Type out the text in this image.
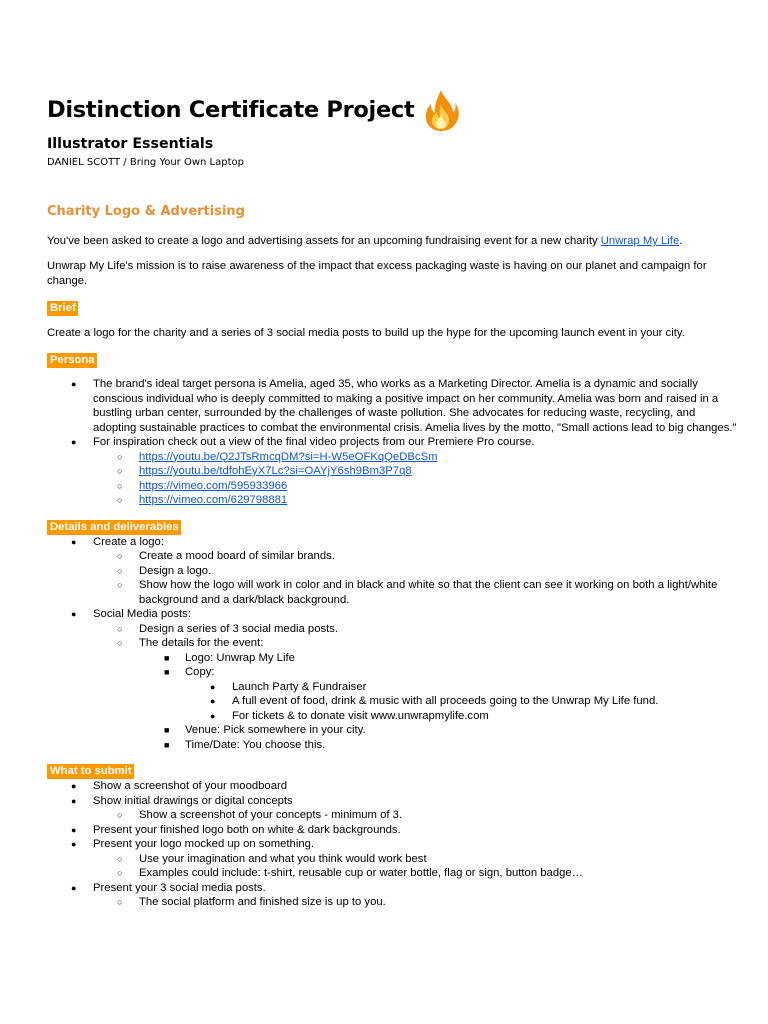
Distinction Certificate Project
Illustrator Essentials
DANIEL SCOTT / Bring Your Own Laptop
Charity Logo & Advertising

You've been asked to create a logo and advertising assets for an upcoming fundraising event for a new charity Unwrap My Life.

Unwrap My Life's mission is to raise awareness of the impact that excess packaging waste is having on our planet and campaign for change.

Brief

Create a logo for the charity and a series of 3 social media posts to build up the hype for the upcoming launch event in your city.

Persona
● The brand's ideal target persona is Amelia, aged 35, who works as a Marketing Director. Amelia is a dynamic and socially conscious individual who is deeply committed to making a positive impact on her community. Amelia was born and raised in a bustling urban center, surrounded by the challenges of waste pollution. She advocates for reducing waste, recycling, and adopting sustainable practices to combat the environmental crisis. Amelia lives by the motto, "Small actions lead to big changes."
● For inspiration check out a view of the final video projects from our Premiere Pro course.
○ https://youtu.be/Q2JTsRmcqDM?si=H-W5eOFKqQeDBcSm
○ https://youtu.be/tdfohEyX7Lc?si=OAYjY6sh9Bm3P7q8
○ https://vimeo.com/595933966
○ https://vimeo.com/629798881
Details and deliverables
● Create a logo:
○ Create a mood board of similar brands.
○ Design a logo.
○ Show how the logo will work in color and in black and white so that the client can see it working on both a light/white background and a dark/black background.
● Social Media posts:
○ Design a series of 3 social media posts.
○ The details for the event:
■ Logo: Unwrap My Life
■ Copy:
● Launch Party & Fundraiser
● A full event of food, drink & music with all proceeds going to the Unwrap My Life fund.
● For tickets & to donate visit www.unwrapmylife.com
■ Venue: Pick somewhere in your city.
■ Time/Date: You choose this.
What to submit
● Show a screenshot of your moodboard
● Show initial drawings or digital concepts
○ Show a screenshot of your concepts - minimum of 3.
● Present your finished logo both on white & dark backgrounds.
● Present your logo mocked up on something.
○ Use your imagination and what you think would work best
○ Examples could include: t-shirt, reusable cup or water bottle, flag or sign, button badge…
● Present your 3 social media posts.
○ The social platform and finished size is up to you.
